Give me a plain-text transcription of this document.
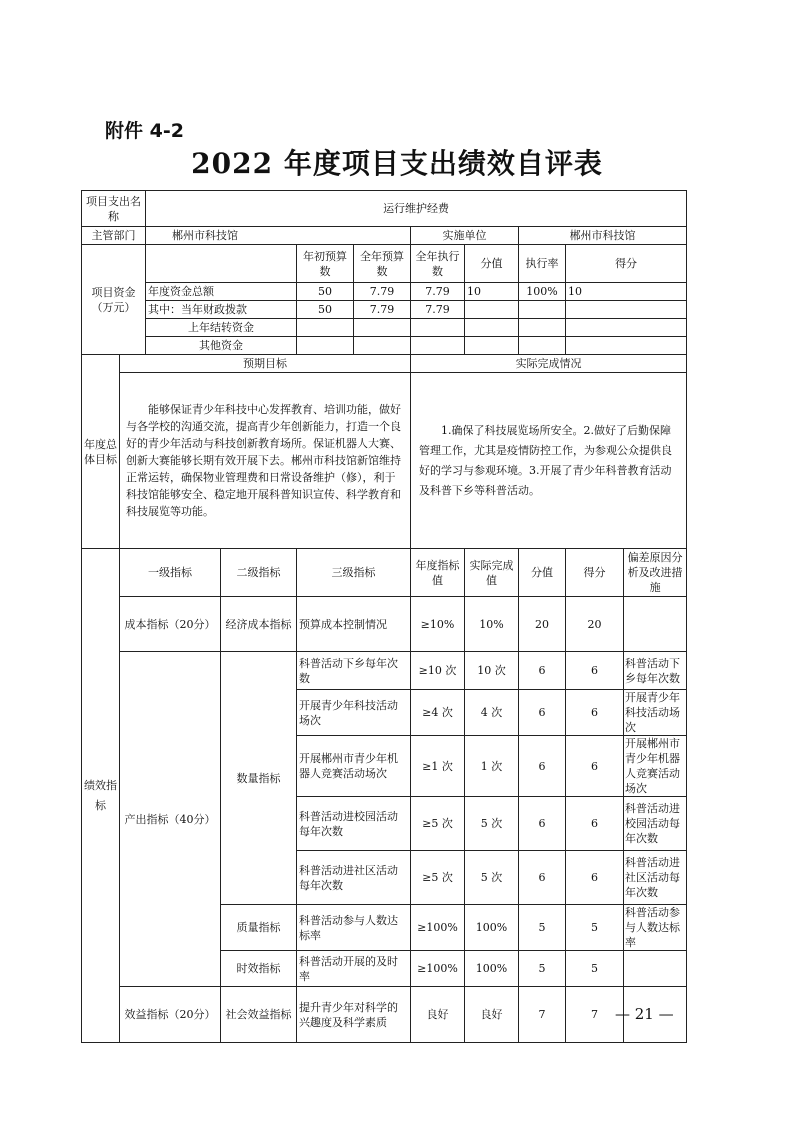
附件 4-2
2022 年度项目支出绩效自评表
项目支出名称		运行维护经费								
主管部门		郴州市科技馆				实施单位		郴州市科技馆		
项目资金（万元）				年初预算数	全年预算数	全年执行数	分值	执行率	得分	
		年度资金总额		50	7.79	7.79	10	100%	10	
		其中：当年财政拨款		50	7.79	7.79				
		上年结转资金								
		其他资金								
年度总体目标	预期目标					实际完成情况				
	能够保证青少年科技中心发挥教育、培训功能，做好与各学校的沟通交流，提高青少年创新能力，打造一个良好的青少年活动与科技创新教育场所。保证机器人大赛、创新大赛能够长期有效开展下去。郴州市科技馆新馆维持正常运转，确保物业管理费和日常设备维护（修），利于科技馆能够安全、稳定地开展科普知识宣传、科学教育和科技展览等功能。					1.确保了科技展览场所安全。2.做好了后勤保障管理工作，尤其是疫情防控工作，为参观公众提供良好的学习与参观环境。3.开展了青少年科普教育活动及科普下乡等科普活动。				
绩效指标	一级指标		二级指标	三级指标		年度指标值	实际完成值	分值	得分	偏差原因分析及改进措施
	成本指标（20分）		经济成本指标	预算成本控制情况		≥10%	10%	20	20	
	产出指标（40分）		数量指标	科普活动下乡每年次数		≥10 次	10 次	6	6	科普活动下乡每年次数
				开展青少年科技活动场次		≥4 次	4 次	6	6	开展青少年科技活动场次
				开展郴州市青少年机器人竞赛活动场次		≥1 次	1 次	6	6	开展郴州市青少年机器人竞赛活动场次
				科普活动进校园活动每年次数		≥5 次	5 次	6	6	科普活动进校园活动每年次数
				科普活动进社区活动每年次数		≥5 次	5 次	6	6	科普活动进社区活动每年次数
			质量指标	科普活动参与人数达标率		≥100%	100%	5	5	科普活动参与人数达标率
			时效指标	科普活动开展的及时率		≥100%	100%	5	5	
	效益指标（20分）		社会效益指标	提升青少年对科学的兴趣度及科学素质		良好	良好	7	7	— 21 —
